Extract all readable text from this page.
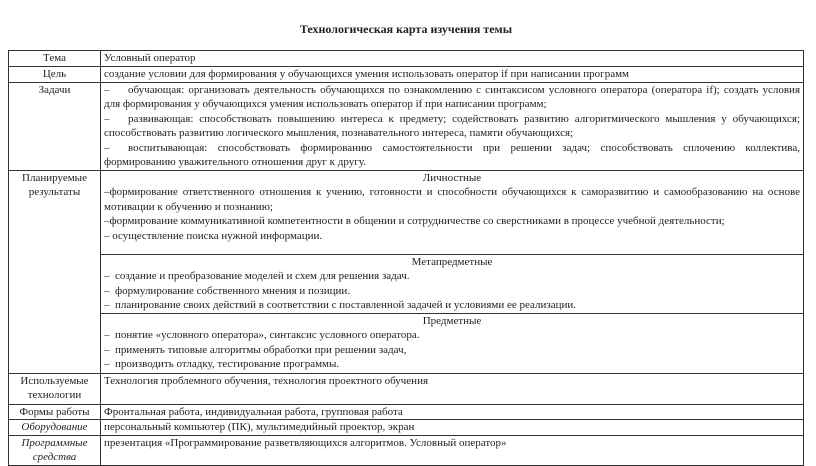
Технологическая карта изучения темы
Тема	Условный оператор
Цель	создание условии для формирования у обучающихся умения использовать оператор if при написании программ
Задачи	– обучающая: организовать деятельность обучающихся по ознакомлению с синтаксисом условного оператора (оператора if); создать условия для формирования у обучающихся умения использовать оператор if при написании программ;

– развивающая: способствовать повышению интереса к предмету; содействовать развитию алгоритмического мышления у обучающихся; способствовать развитию логического мышления, познавательного интереса, памяти обучающихся;

– воспитывающая: способствовать формированию самостоятельности при решении задач; способствовать сплочению коллектива, формированию уважительного отношения друг к другу.

Планируемые результаты	Личностные

–формирование ответственного отношения к учению, готовности и способности обучающихся к саморазвитию и самообразованию на основе мотивации к обучению и познанию;

–формирование коммуникативной компетентности в общении и сотрудничестве со сверстниками в процессе учебной деятельности;

– осуществление поиска нужной информации.

	Метапредметные

– создание и преобразование моделей и схем для решения задач.

– формулирование собственного мнения и позиции.

– планирование своих действий в соответствии с поставленной задачей и условиями ее реализации.

	Предметные

– понятие «условного оператора», синтаксис условного оператора.

– применять типовые алгоритмы обработки при решении задач,

– производить отладку, тестирование программы.

Используемые технологии	Технология проблемного обучения, технология проектного обучения
Формы работы	Фронтальная работа, индивидуальная работа, групповая работа
Оборудование	персональный компьютер (ПК), мультимедийный проектор, экран
Программные средства	презентация «Программирование разветвляющихся алгоритмов. Условный оператор»
